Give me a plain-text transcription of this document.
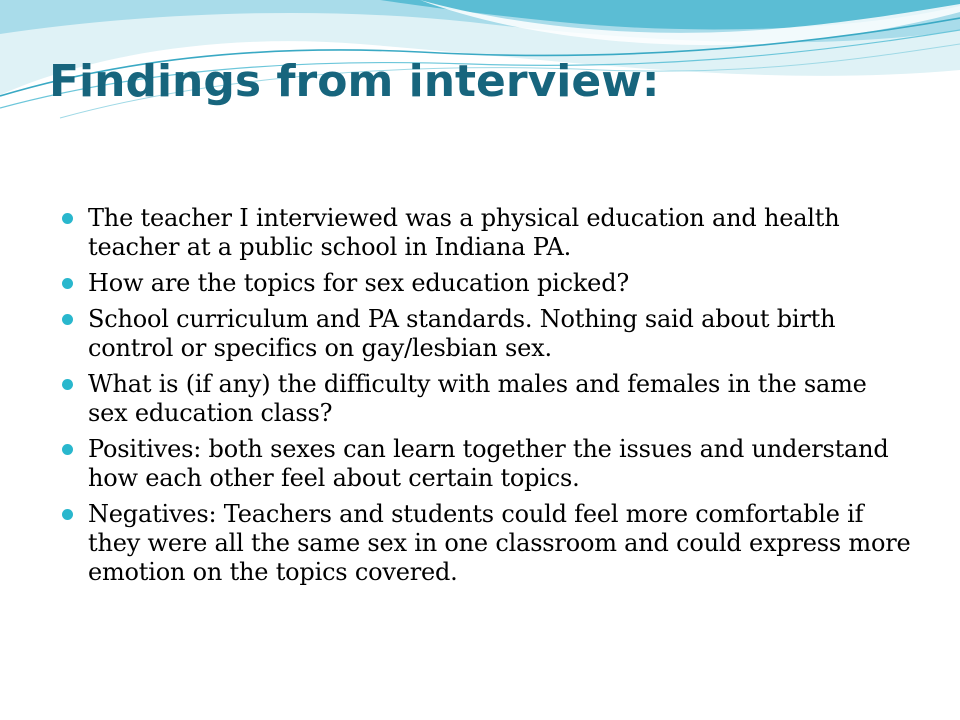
Findings from interview:
The teacher I interviewed was a physical education and health teacher at a public school in Indiana PA.
How are the topics for sex education picked?
School curriculum and PA standards. Nothing said about birth control or specifics on gay/lesbian sex.
What is (if any) the difficulty with males and females in the same sex education class?
Positives: both sexes can learn together the issues and understand how each other feel about certain topics.
Negatives: Teachers and students could feel more comfortable if they were all the same sex in one classroom and could express more emotion on the topics covered.
